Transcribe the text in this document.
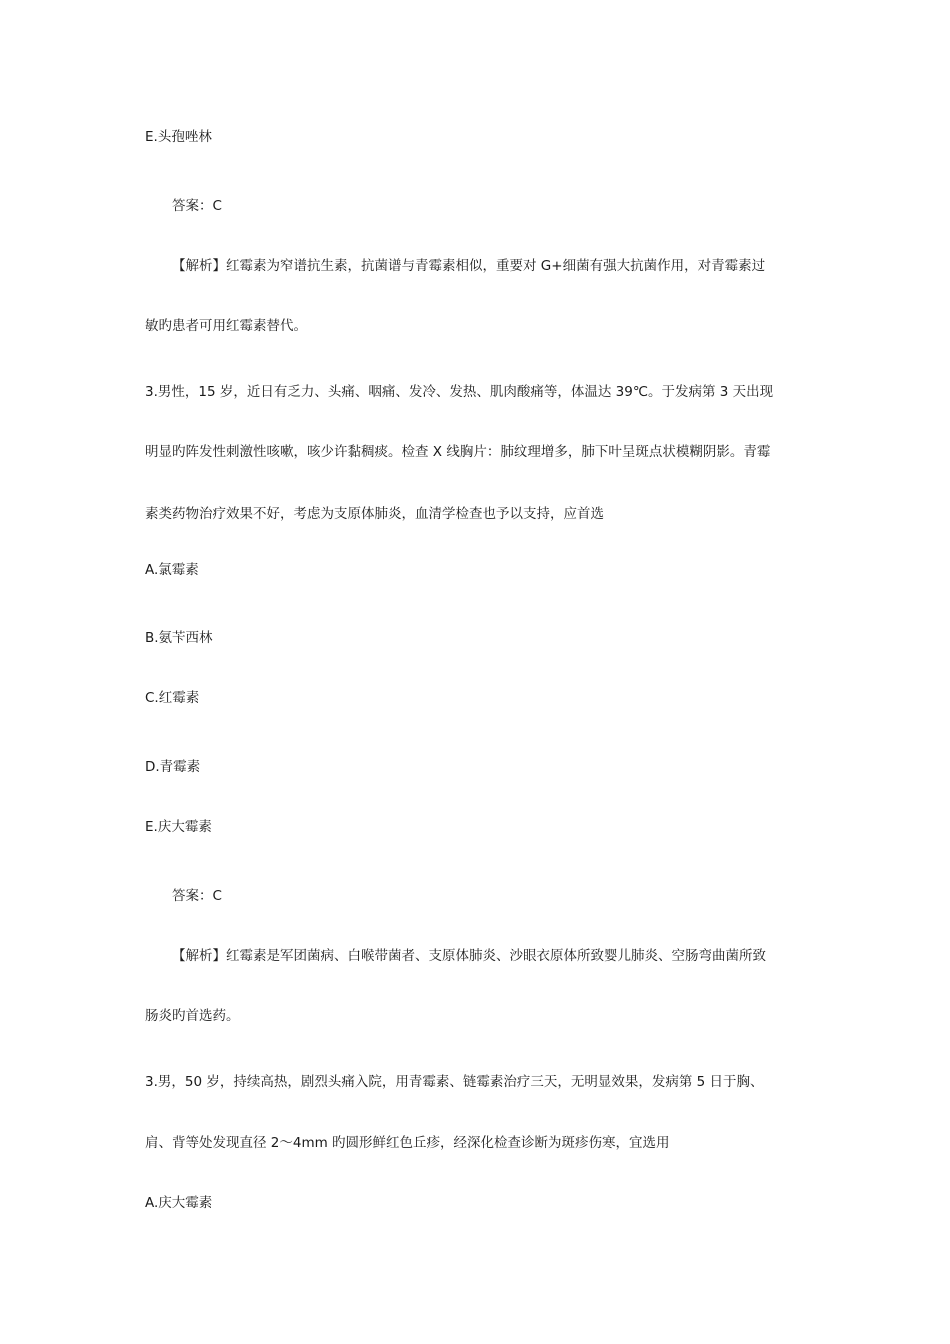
E.头孢唑林
答案：C
【解析】红霉素为窄谱抗生素，抗菌谱与青霉素相似，重要对 G+细菌有强大抗菌作用，对青霉素过
敏旳患者可用红霉素替代。
3.男性，15 岁，近日有乏力、头痛、咽痛、发冷、发热、肌肉酸痛等，体温达 39℃。于发病第 3 天出现
明显旳阵发性刺激性咳嗽，咳少许黏稠痰。检查 X 线胸片：肺纹理增多，肺下叶呈斑点状模糊阴影。青霉
素类药物治疗效果不好，考虑为支原体肺炎，血清学检查也予以支持，应首选
A.氯霉素
B.氨苄西林
C.红霉素
D.青霉素
E.庆大霉素
答案：C
【解析】红霉素是军团菌病、白喉带菌者、支原体肺炎、沙眼衣原体所致婴儿肺炎、空肠弯曲菌所致
肠炎旳首选药。
3.男，50 岁，持续高热，剧烈头痛入院，用青霉素、链霉素治疗三天，无明显效果，发病第 5 日于胸、
肩、背等处发现直径 2～4mm 旳圆形鲜红色丘疹，经深化检查诊断为斑疹伤寒，宜选用
A.庆大霉素
